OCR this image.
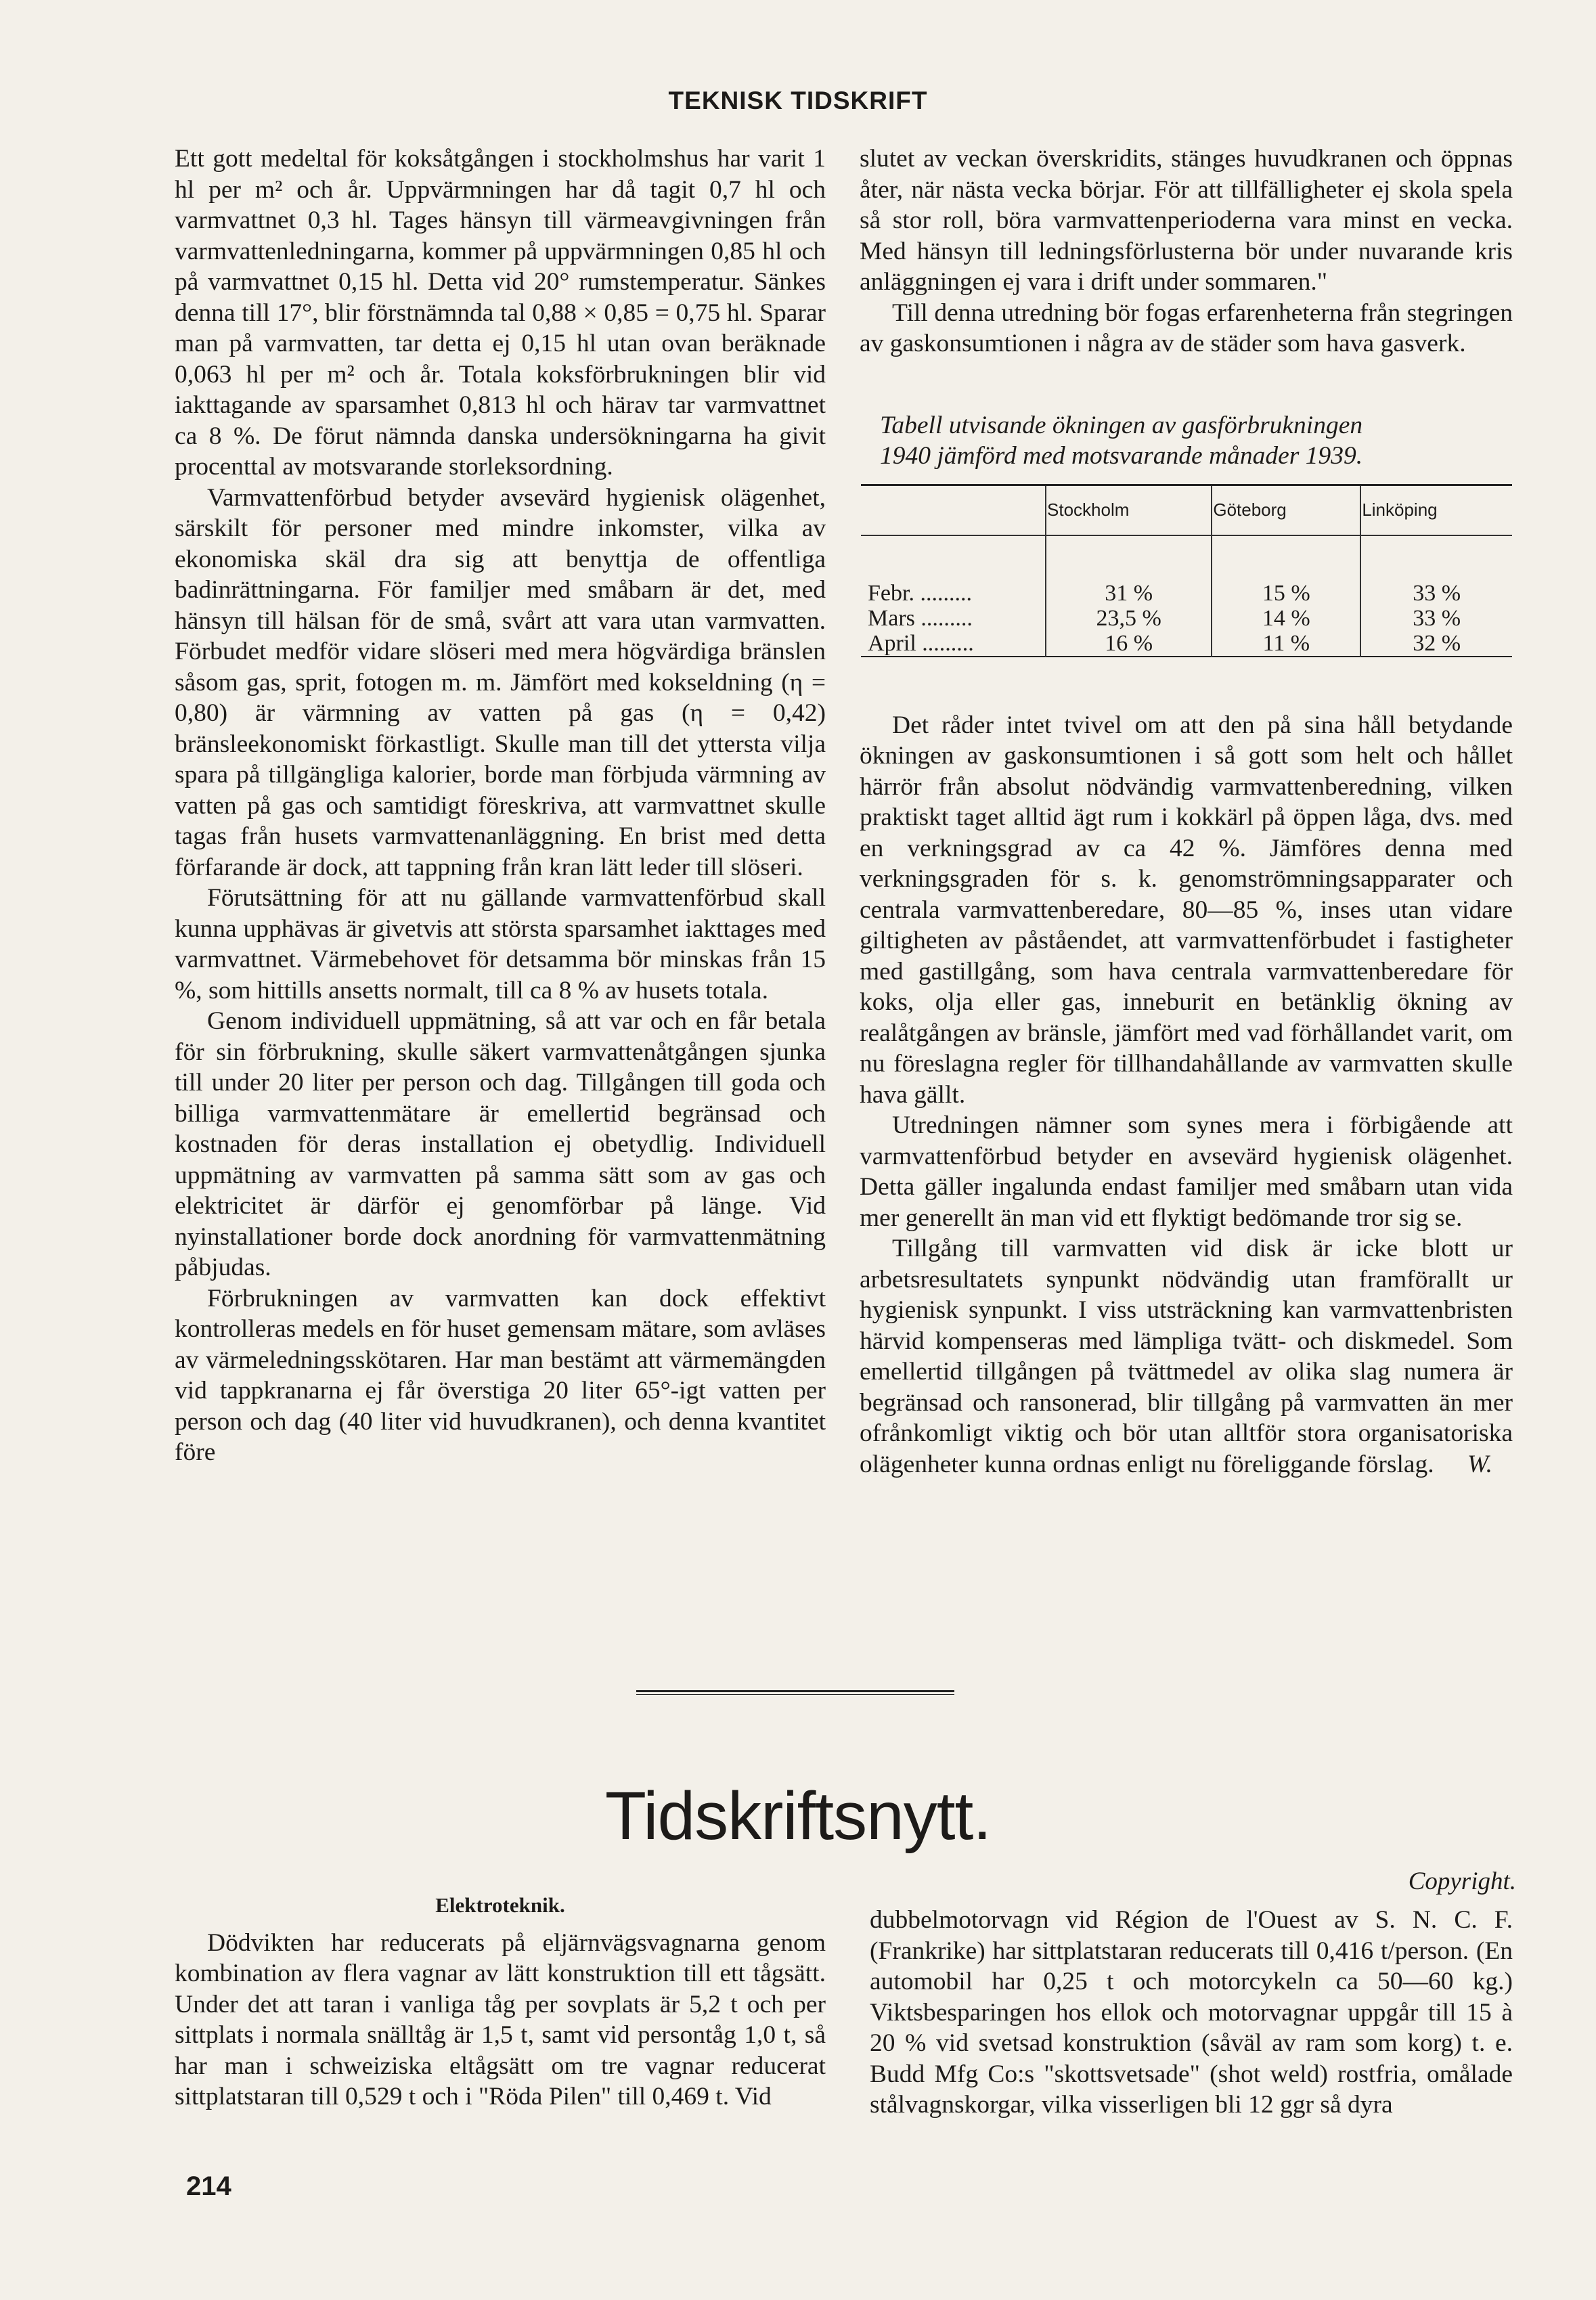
TEKNISK TIDSKRIFT

Ett gott medeltal för koksåtgången i stockholmshus har varit 1 hl per m² och år. Uppvärmningen har då tagit 0,7 hl och varmvattnet 0,3 hl. Tages hänsyn till värmeavgivningen från varmvattenledningarna, kommer på uppvärmningen 0,85 hl och på varmvattnet 0,15 hl. Detta vid 20° rumstemperatur. Sänkes denna till 17°, blir förstnämnda tal 0,88 × 0,85 = 0,75 hl. Sparar man på varmvatten, tar detta ej 0,15 hl utan ovan beräknade 0,063 hl per m² och år. Totala koksförbrukningen blir vid iakttagande av sparsamhet 0,813 hl och härav tar varmvattnet ca 8 %. De förut nämnda danska undersökningarna ha givit procenttal av motsvarande storleksordning.

Varmvattenförbud betyder avsevärd hygienisk olägenhet, särskilt för personer med mindre inkomster, vilka av ekonomiska skäl dra sig att benyttja de offentliga badinrättningarna. För familjer med småbarn är det, med hänsyn till hälsan för de små, svårt att vara utan varmvatten. Förbudet medför vidare slöseri med mera högvärdiga bränslen såsom gas, sprit, fotogen m. m. Jämfört med kokseldning (η = 0,80) är värmning av vatten på gas (η = 0,42) bränsleekonomiskt förkastligt. Skulle man till det yttersta vilja spara på tillgängliga kalorier, borde man förbjuda värmning av vatten på gas och samtidigt föreskriva, att varmvattnet skulle tagas från husets varmvattenanläggning. En brist med detta förfarande är dock, att tappning från kran lätt leder till slöseri.

Förutsättning för att nu gällande varmvattenförbud skall kunna upphävas är givetvis att största sparsamhet iakttages med varmvattnet. Värmebehovet för detsamma bör minskas från 15 %, som hittills ansetts normalt, till ca 8 % av husets totala.

Genom individuell uppmätning, så att var och en får betala för sin förbrukning, skulle säkert varmvattenåtgången sjunka till under 20 liter per person och dag. Tillgången till goda och billiga varmvattenmätare är emellertid begränsad och kostnaden för deras installation ej obetydlig. Individuell uppmätning av varmvatten på samma sätt som av gas och elektricitet är därför ej genomförbar på länge. Vid nyinstallationer borde dock anordning för varmvattenmätning påbjudas.

Förbrukningen av varmvatten kan dock effektivt kontrolleras medels en för huset gemensam mätare, som avläses av värmeledningsskötaren. Har man bestämt att värmemängden vid tappkranarna ej får överstiga 20 liter 65°-igt vatten per person och dag (40 liter vid huvudkranen), och denna kvantitet före

slutet av veckan överskridits, stänges huvudkranen och öppnas åter, när nästa vecka börjar. För att tillfälligheter ej skola spela så stor roll, böra varmvattenperioderna vara minst en vecka. Med hänsyn till ledningsförlusterna bör under nuvarande kris anläggningen ej vara i drift under sommaren."

Till denna utredning bör fogas erfarenheterna från stegringen av gaskonsumtionen i några av de städer som hava gasverk.

Tabell utvisande ökningen av gasförbrukningen
1940 jämförd med motsvarande månader 1939.
	Stockholm	Göteborg	Linköping

Febr. .........	31 %	15 %	33 %
Mars .........	23,5 %	14 %	33 %
April .........	16 %	11 %	32 %

Det råder intet tvivel om att den på sina håll betydande ökningen av gaskonsumtionen i så gott som helt och hållet härrör från absolut nödvändig varmvattenberedning, vilken praktiskt taget alltid ägt rum i kokkärl på öppen låga, dvs. med en verkningsgrad av ca 42 %. Jämföres denna med verkningsgraden för s. k. genomströmningsapparater och centrala varmvattenberedare, 80—85 %, inses utan vidare giltigheten av påståendet, att varmvattenförbudet i fastigheter med gastillgång, som hava centrala varmvattenberedare för koks, olja eller gas, inneburit en betänklig ökning av realåtgången av bränsle, jämfört med vad förhållandet varit, om nu föreslagna regler för tillhandahållande av varmvatten skulle hava gällt.

Utredningen nämner som synes mera i förbigående att varmvattenförbud betyder en avsevärd hygienisk olägenhet. Detta gäller ingalunda endast familjer med småbarn utan vida mer generellt än man vid ett flyktigt bedömande tror sig se.

Tillgång till varmvatten vid disk är icke blott ur arbetsresultatets synpunkt nödvändig utan framförallt ur hygienisk synpunkt. I viss utsträckning kan varmvattenbristen härvid kompenseras med lämpliga tvätt- och diskmedel. Som emellertid tillgången på tvättmedel av olika slag numera är begränsad och ransonerad, blir tillgång på varmvatten än mer ofrånkomligt viktig och bör utan alltför stora organisatoriska olägenheter kunna ordnas enligt nu föreliggande förslag.	W.

Tidskriftsnytt.
Copyright.
Elektroteknik.

Dödvikten har reducerats på eljärnvägsvagnarna genom kombination av flera vagnar av lätt konstruktion till ett tågsätt. Under det att taran i vanliga tåg per sovplats är 5,2 t och per sittplats i normala snälltåg är 1,5 t, samt vid persontåg 1,0 t, så har man i schweiziska eltågsätt om tre vagnar reducerat sittplatstaran till 0,529 t och i "Röda Pilen" till 0,469 t. Vid

dubbelmotorvagn vid Région de l'Ouest av S. N. C. F. (Frankrike) har sittplatstaran reducerats till 0,416 t/person. (En automobil har 0,25 t och motorcykeln ca 50—60 kg.) Viktsbesparingen hos ellok och motorvagnar uppgår till 15 à 20 % vid svetsad konstruktion (såväl av ram som korg) t. e. Budd Mfg Co:s "skottsvetsade" (shot weld) rostfria, omålade stålvagnskorgar, vilka visserligen bli 12 ggr så dyra

214
